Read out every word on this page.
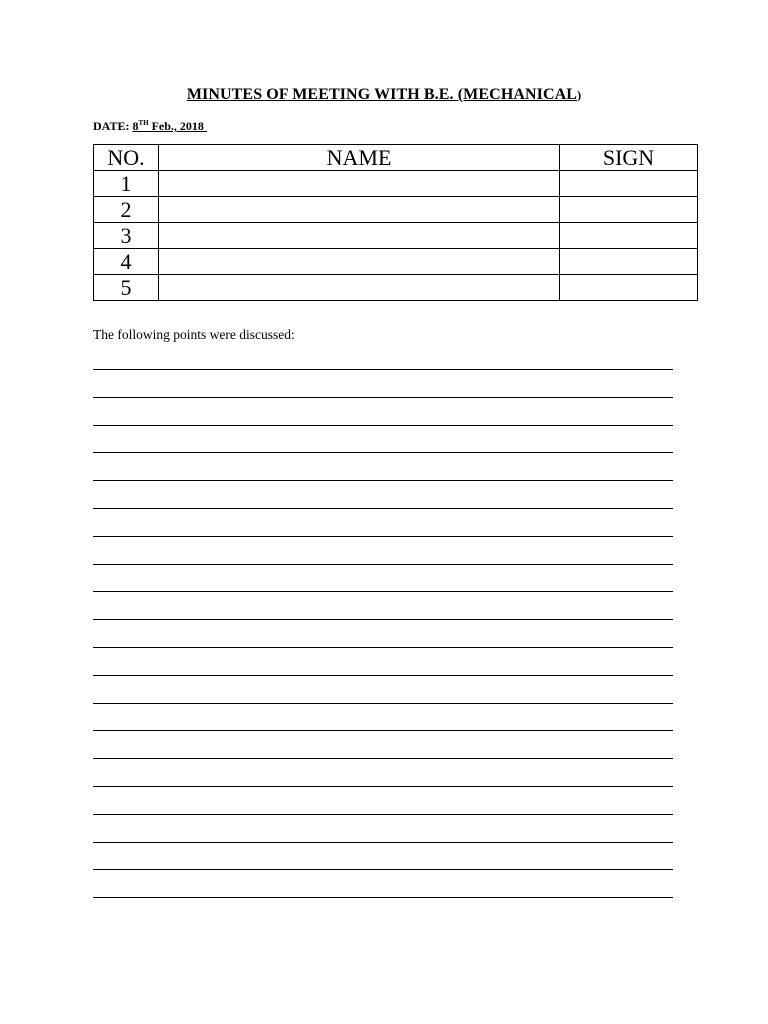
MINUTES OF MEETING WITH B.E. (MECHANICAL)
DATE: 8TH Feb., 2018
NO.	NAME	SIGN
1		
2		
3		
4		
5		
The following points were discussed:
